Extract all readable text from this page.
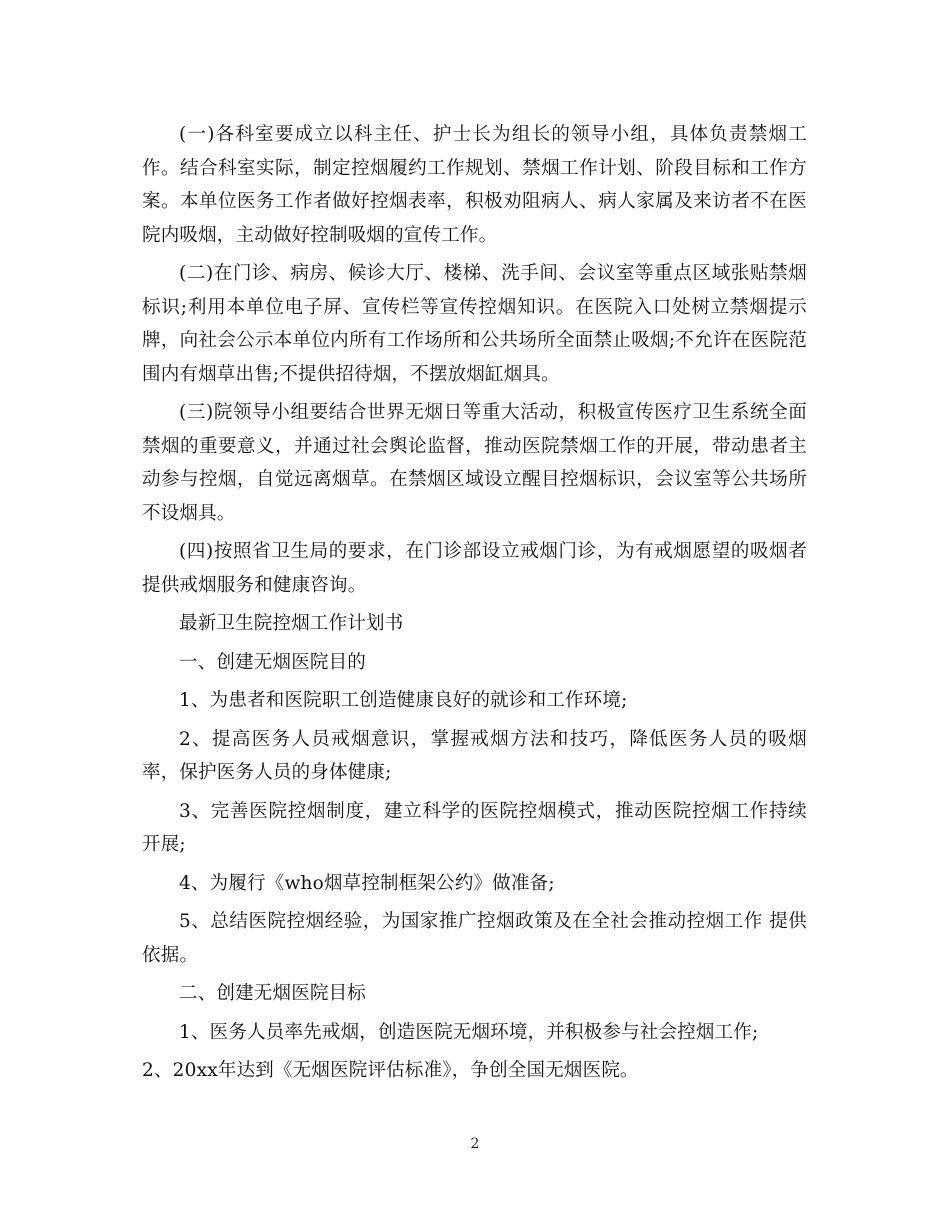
(一)各科室要成立以科主任、护士长为组长的领导小组，具体负责禁烟工作。结合科室实际，制定控烟履约工作规划、禁烟工作计划、阶段目标和工作方案。本单位医务工作者做好控烟表率，积极劝阻病人、病人家属及来访者不在医院内吸烟，主动做好控制吸烟的宣传工作。

(二)在门诊、病房、候诊大厅、楼梯、洗手间、会议室等重点区域张贴禁烟标识;利用本单位电子屏、宣传栏等宣传控烟知识。在医院入口处树立禁烟提示牌，向社会公示本单位内所有工作场所和公共场所全面禁止吸烟;不允许在医院范围内有烟草出售;不提供招待烟，不摆放烟缸烟具。

(三)院领导小组要结合世界无烟日等重大活动，积极宣传医疗卫生系统全面禁烟的重要意义，并通过社会舆论监督，推动医院禁烟工作的开展，带动患者主动参与控烟，自觉远离烟草。在禁烟区域设立醒目控烟标识，会议室等公共场所不设烟具。

(四)按照省卫生局的要求，在门诊部设立戒烟门诊，为有戒烟愿望的吸烟者提供戒烟服务和健康咨询。

最新卫生院控烟工作计划书

一、创建无烟医院目的

1、为患者和医院职工创造健康良好的就诊和工作环境;

2、提高医务人员戒烟意识，掌握戒烟方法和技巧，降低医务人员的吸烟率，保护医务人员的身体健康;

3、完善医院控烟制度，建立科学的医院控烟模式，推动医院控烟工作持续开展;

4、为履行《who烟草控制框架公约》做准备;

5、总结医院控烟经验，为国家推广控烟政策及在全社会推动控烟工作 提供依据。

二、创建无烟医院目标

1、医务人员率先戒烟，创造医院无烟环境，并积极参与社会控烟工作;

2、20xx年达到《无烟医院评估标准》，争创全国无烟医院。

2
